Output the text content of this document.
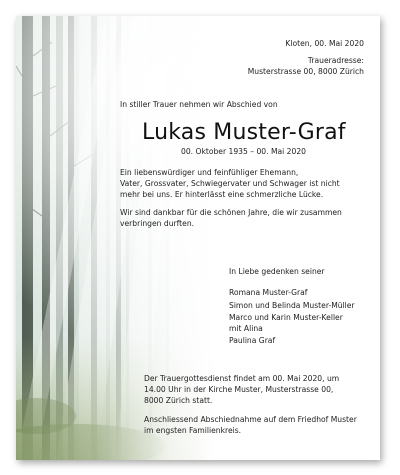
Kloten, 00. Mai 2020
Traueradresse:
Musterstrasse 00, 8000 Zürich
In stiller Trauer nehmen wir Abschied von
Lukas Muster-Graf
00. Oktober 1935 – 00. Mai 2020
Ein liebenswürdiger und feinfühliger Ehemann,
Vater, Grossvater, Schwiegervater und Schwager ist nicht
mehr bei uns. Er hinterlässt eine schmerzliche Lücke.
Wir sind dankbar für die schönen Jahre, die wir zusammen
verbringen durften.
In Liebe gedenken seiner
Romana Muster-Graf
Simon und Belinda Muster-Müller
Marco und Karin Muster-Keller
mit Alina
Paulina Graf
Der Trauergottesdienst findet am 00. Mai 2020, um
14.00 Uhr in der Kirche Muster, Musterstrasse 00,
8000 Zürich statt.
Anschliessend Abschiednahme auf dem Friedhof Muster
im engsten Familienkreis.
